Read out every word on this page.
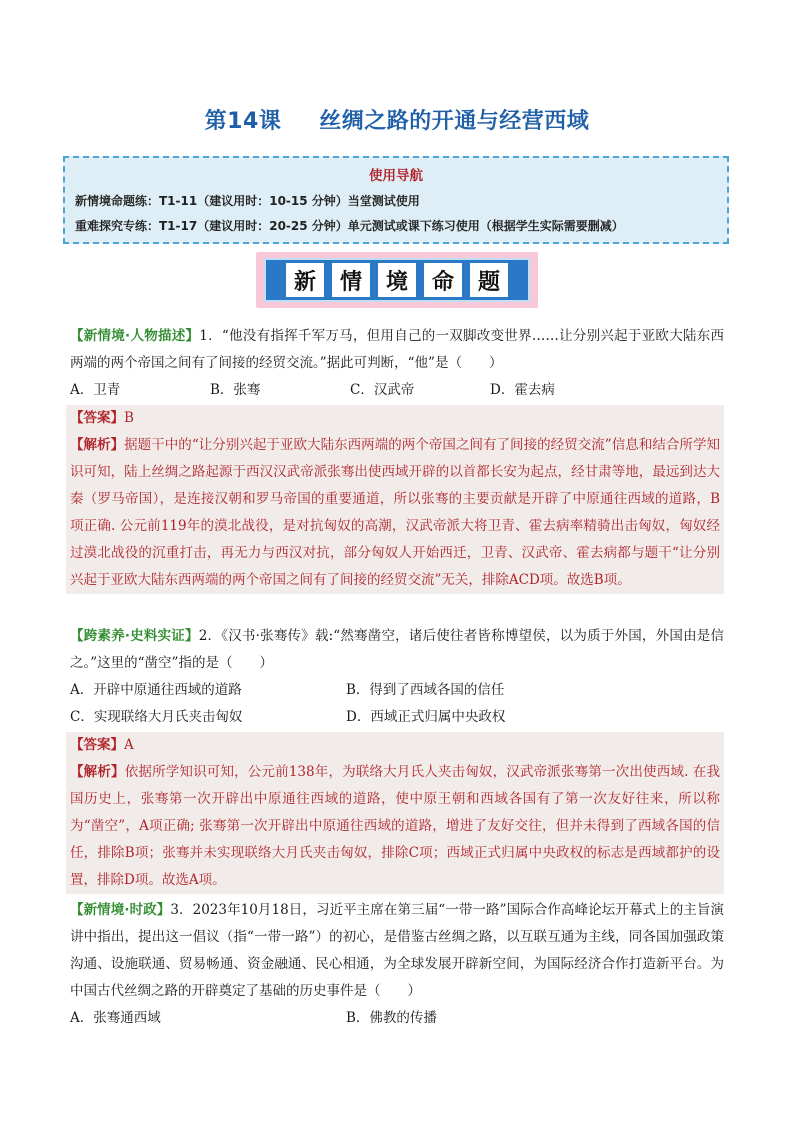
第14课 丝绸之路的开通与经营西域
使用导航
新情境命题练：T1-11（建议用时：10-15 分钟）当堂测试使用
重难探究专练：T1-17（建议用时：20-25 分钟）单元测试或课下练习使用（根据学生实际需要删减）
新	情	境	命	题
【新情境·人物描述】1．“他没有指挥千军万马，但用自己的一双脚改变世界……让分别兴起于亚欧大陆东西两端的两个帝国之间有了间接的经贸交流。”据此可判断，“他”是（　　）
A．卫青	B．张骞	C．汉武帝	D．霍去病
【答案】B
【解析】据题干中的“让分别兴起于亚欧大陆东西两端的两个帝国之间有了间接的经贸交流”信息和结合所学知识可知，陆上丝绸之路起源于西汉汉武帝派张骞出使西域开辟的以首都长安为起点，经甘肃等地，最远到达大秦（罗马帝国），是连接汉朝和罗马帝国的重要通道，所以张骞的主要贡献是开辟了中原通往西域的道路，B项正确. 公元前119年的漠北战役，是对抗匈奴的高潮，汉武帝派大将卫青、霍去病率精骑出击匈奴，匈奴经过漠北战役的沉重打击，再无力与西汉对抗，部分匈奴人开始西迁，卫青、汉武帝、霍去病都与题干“让分别兴起于亚欧大陆东西两端的两个帝国之间有了间接的经贸交流”无关，排除ACD项。故选B项。
【跨素养·史料实证】2．《汉书·张骞传》载:“然骞凿空，诸后使往者皆称博望侯，以为质于外国，外国由是信之。”这里的“凿空”指的是（　　）
A．开辟中原通往西域的道路	B．得到了西域各国的信任
C．实现联络大月氏夹击匈奴	D．西域正式归属中央政权
【答案】A
【解析】依据所学知识可知，公元前138年，为联络大月氏人夹击匈奴，汉武帝派张骞第一次出使西域. 在我国历史上，张骞第一次开辟出中原通往西域的道路，使中原王朝和西域各国有了第一次友好往来，所以称为“凿空”，A项正确; 张骞第一次开辟出中原通往西域的道路，增进了友好交往，但并未得到了西域各国的信任，排除B项；张骞并未实现联络大月氏夹击匈奴，排除C项；西域正式归属中央政权的标志是西域都护的设置，排除D项。故选A项。
【新情境·时政】3．2023年10月18日，习近平主席在第三届“一带一路”国际合作高峰论坛开幕式上的主旨演讲中指出，提出这一倡议（指“一带一路”）的初心，是借鉴古丝绸之路，以互联互通为主线，同各国加强政策沟通、设施联通、贸易畅通、资金融通、民心相通，为全球发展开辟新空间，为国际经济合作打造新平台。为中国古代丝绸之路的开辟奠定了基础的历史事件是（　　）
A．张骞通西域	B．佛教的传播
